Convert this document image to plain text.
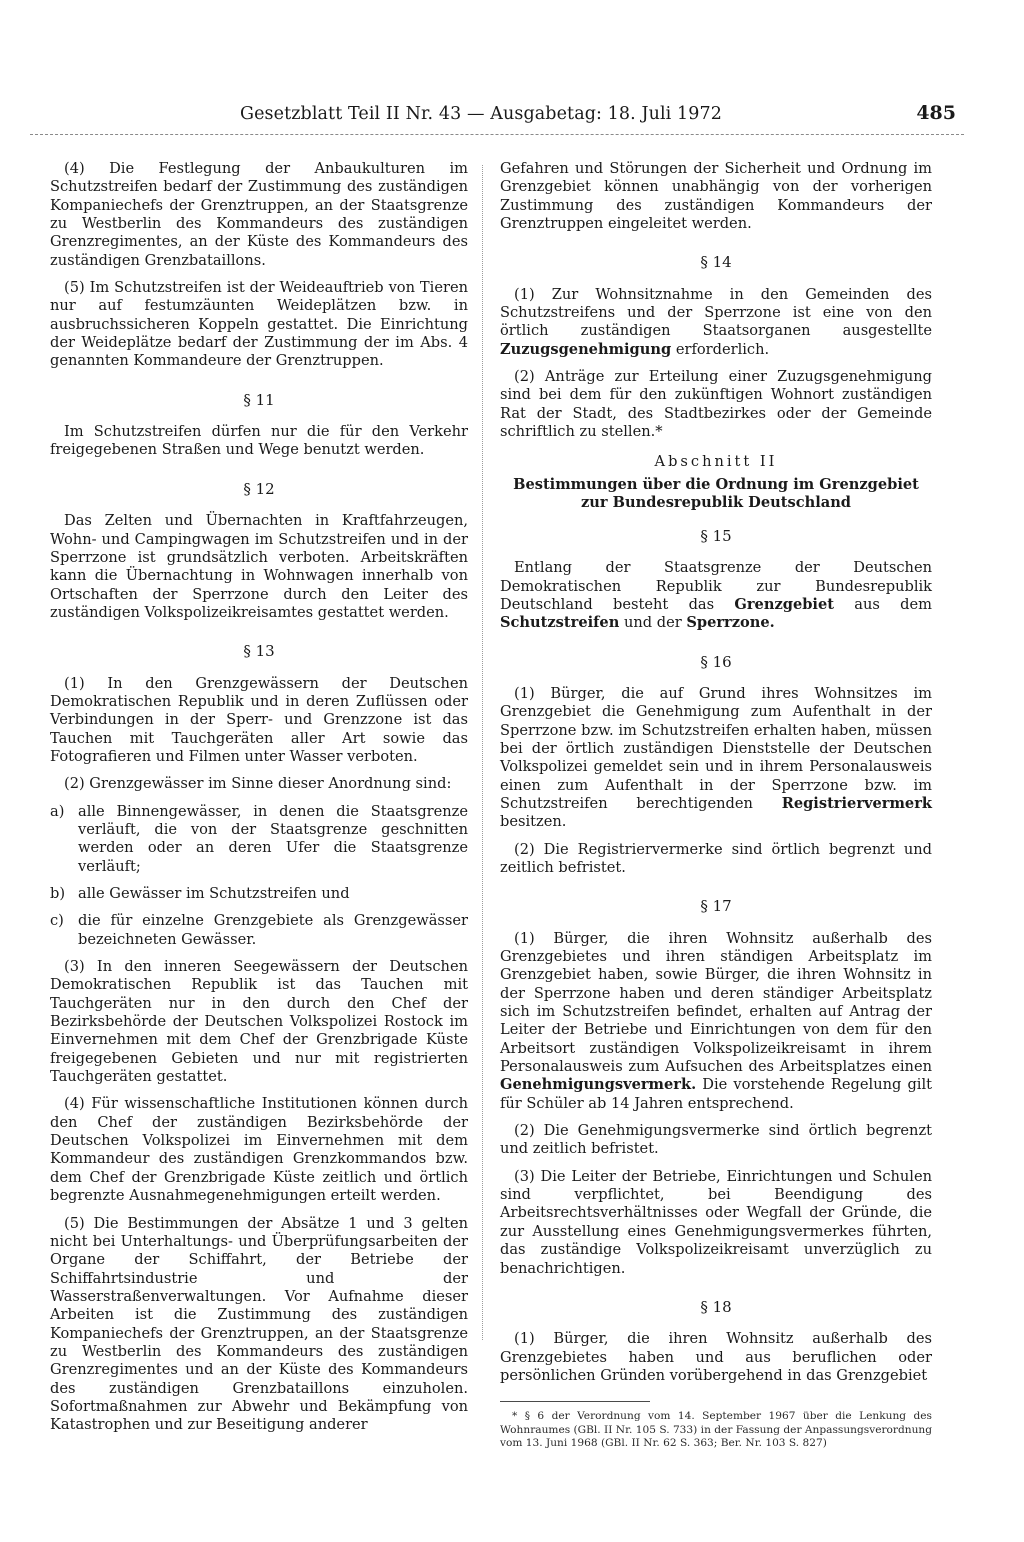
Gesetzblatt Teil II Nr. 43 — Ausgabetag: 18. Juli 1972	485

(4) Die Festlegung der Anbaukulturen im Schutzstreifen bedarf der Zustimmung des zuständigen Kompaniechefs der Grenztruppen, an der Staatsgrenze zu Westberlin des Kommandeurs des zuständigen Grenzregimentes, an der Küste des Kommandeurs des zuständigen Grenzbataillons.

(5) Im Schutzstreifen ist der Weideauftrieb von Tieren nur auf festumzäunten Weideplätzen bzw. in ausbruchssicheren Koppeln gestattet. Die Einrichtung der Weideplätze bedarf der Zustimmung der im Abs. 4 genannten Kommandeure der Grenztruppen.

§ 11

Im Schutzstreifen dürfen nur die für den Verkehr freigegebenen Straßen und Wege benutzt werden.

§ 12

Das Zelten und Übernachten in Kraftfahrzeugen, Wohn- und Campingwagen im Schutzstreifen und in der Sperrzone ist grundsätzlich verboten. Arbeitskräften kann die Übernachtung in Wohnwagen innerhalb von Ortschaften der Sperrzone durch den Leiter des zuständigen Volkspolizeikreisamtes gestattet werden.

§ 13

(1) In den Grenzgewässern der Deutschen Demokratischen Republik und in deren Zuflüssen oder Verbindungen in der Sperr- und Grenzzone ist das Tauchen mit Tauchgeräten aller Art sowie das Fotografieren und Filmen unter Wasser verboten.

(2) Grenzgewässer im Sinne dieser Anordnung sind:

a) alle Binnengewässer, in denen die Staatsgrenze verläuft, die von der Staatsgrenze geschnitten werden oder an deren Ufer die Staatsgrenze verläuft;
b) alle Gewässer im Schutzstreifen und
c) die für einzelne Grenzgebiete als Grenzgewässer bezeichneten Gewässer.

(3) In den inneren Seegewässern der Deutschen Demokratischen Republik ist das Tauchen mit Tauchgeräten nur in den durch den Chef der Bezirksbehörde der Deutschen Volkspolizei Rostock im Einvernehmen mit dem Chef der Grenzbrigade Küste freigegebenen Gebieten und nur mit registrierten Tauchgeräten gestattet.

(4) Für wissenschaftliche Institutionen können durch den Chef der zuständigen Bezirksbehörde der Deutschen Volkspolizei im Einvernehmen mit dem Kommandeur des zuständigen Grenzkommandos bzw. dem Chef der Grenzbrigade Küste zeitlich und örtlich begrenzte Ausnahmegenehmigungen erteilt werden.

(5) Die Bestimmungen der Absätze 1 und 3 gelten nicht bei Unterhaltungs- und Überprüfungsarbeiten der Organe der Schiffahrt, der Betriebe der Schiffahrtsindustrie und der Wasserstraßenverwaltungen. Vor Aufnahme dieser Arbeiten ist die Zustimmung des zuständigen Kompaniechefs der Grenztruppen, an der Staatsgrenze zu Westberlin des Kommandeurs des zuständigen Grenzregimentes und an der Küste des Kommandeurs des zuständigen Grenzbataillons einzuholen. Sofortmaßnahmen zur Abwehr und Bekämpfung von Katastrophen und zur Beseitigung anderer

Gefahren und Störungen der Sicherheit und Ordnung im Grenzgebiet können unabhängig von der vorherigen Zustimmung des zuständigen Kommandeurs der Grenztruppen eingeleitet werden.

§ 14

(1) Zur Wohnsitznahme in den Gemeinden des Schutzstreifens und der Sperrzone ist eine von den örtlich zuständigen Staatsorganen ausgestellte Zuzugsgenehmigung erforderlich.

(2) Anträge zur Erteilung einer Zuzugsgenehmigung sind bei dem für den zukünftigen Wohnort zuständigen Rat der Stadt, des Stadtbezirkes oder der Gemeinde schriftlich zu stellen.*

Abschnitt II
Bestimmungen über die Ordnung im Grenzgebiet
zur Bundesrepublik Deutschland
§ 15

Entlang der Staatsgrenze der Deutschen Demokratischen Republik zur Bundesrepublik Deutschland besteht das Grenzgebiet aus dem Schutzstreifen und der Sperrzone.

§ 16

(1) Bürger, die auf Grund ihres Wohnsitzes im Grenzgebiet die Genehmigung zum Aufenthalt in der Sperrzone bzw. im Schutzstreifen erhalten haben, müssen bei der örtlich zuständigen Dienststelle der Deutschen Volkspolizei gemeldet sein und in ihrem Personalausweis einen zum Aufenthalt in der Sperrzone bzw. im Schutzstreifen berechtigenden Registriervermerk besitzen.

(2) Die Registriervermerke sind örtlich begrenzt und zeitlich befristet.

§ 17

(1) Bürger, die ihren Wohnsitz außerhalb des Grenzgebietes und ihren ständigen Arbeitsplatz im Grenzgebiet haben, sowie Bürger, die ihren Wohnsitz in der Sperrzone haben und deren ständiger Arbeitsplatz sich im Schutzstreifen befindet, erhalten auf Antrag der Leiter der Betriebe und Einrichtungen von dem für den Arbeitsort zuständigen Volkspolizeikreisamt in ihrem Personalausweis zum Aufsuchen des Arbeitsplatzes einen Genehmigungsvermerk. Die vorstehende Regelung gilt für Schüler ab 14 Jahren entsprechend.

(2) Die Genehmigungsvermerke sind örtlich begrenzt und zeitlich befristet.

(3) Die Leiter der Betriebe, Einrichtungen und Schulen sind verpflichtet, bei Beendigung des Arbeitsrechtsverhältnisses oder Wegfall der Gründe, die zur Ausstellung eines Genehmigungsvermerkes führten, das zuständige Volkspolizeikreisamt unverzüglich zu benachrichtigen.

§ 18

(1) Bürger, die ihren Wohnsitz außerhalb des Grenzgebietes haben und aus beruflichen oder persönlichen Gründen vorübergehend in das Grenzgebiet

* § 6 der Verordnung vom 14. September 1967 über die Lenkung des Wohnraumes (GBl. II Nr. 105 S. 733) in der Fassung der Anpassungsverordnung vom 13. Juni 1968 (GBl. II Nr. 62 S. 363; Ber. Nr. 103 S. 827)
